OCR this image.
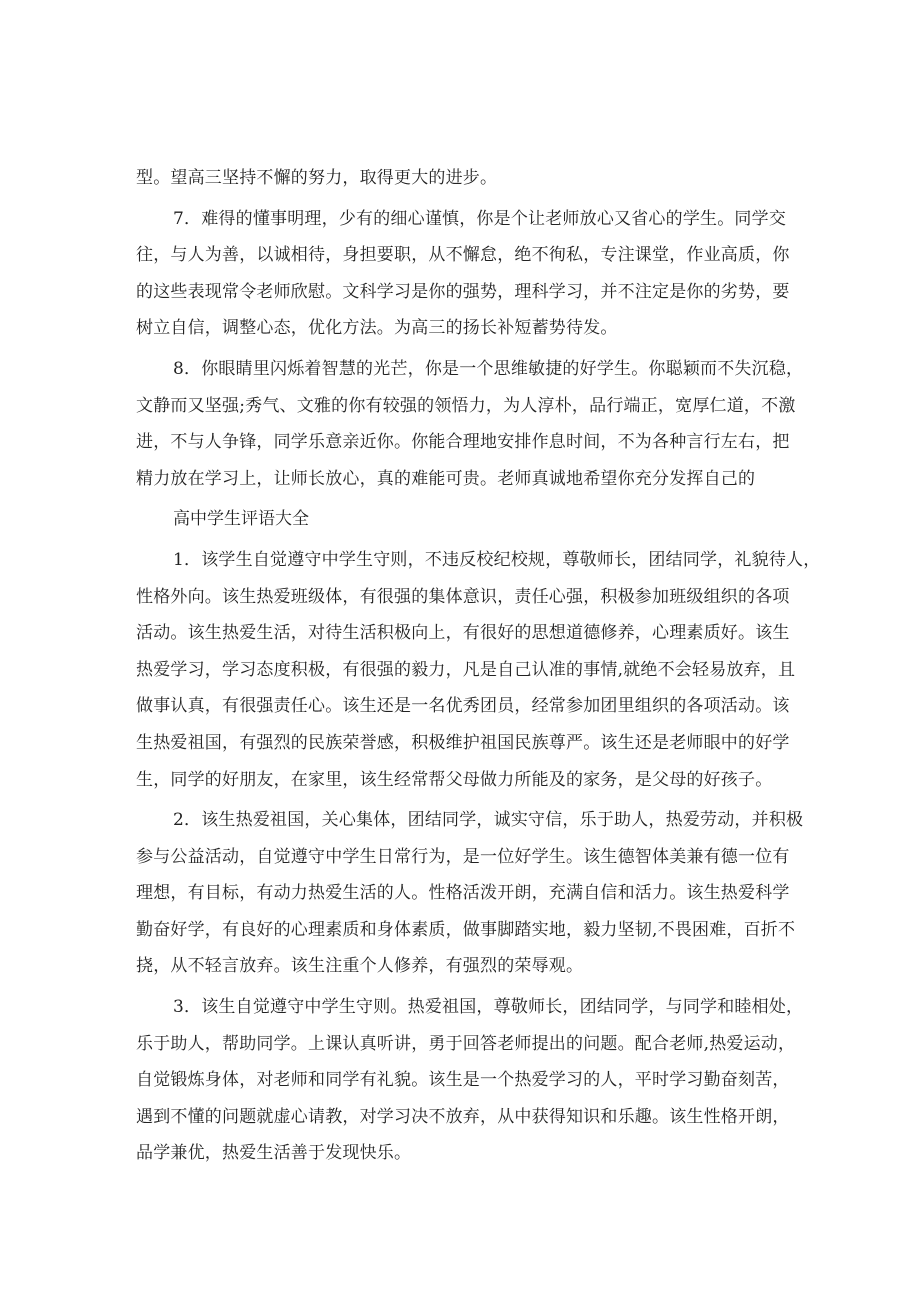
型。望高三坚持不懈的努力，取得更大的进步。

7．难得的懂事明理，少有的细心谨慎，你是个让老师放心又省心的学生。同学交
往，与人为善，以诚相待，身担要职，从不懈怠，绝不徇私，专注课堂，作业高质，你
的这些表现常令老师欣慰。文科学习是你的强势，理科学习，并不注定是你的劣势，要
树立自信，调整心态，优化方法。为高三的扬长补短蓄势待发。

8．你眼睛里闪烁着智慧的光芒，你是一个思维敏捷的好学生。你聪颖而不失沉稳，
文静而又坚强;秀气、文雅的你有较强的领悟力，为人淳朴，品行端正，宽厚仁道，不激
进，不与人争锋，同学乐意亲近你。你能合理地安排作息时间，不为各种言行左右，把
精力放在学习上，让师长放心，真的难能可贵。老师真诚地希望你充分发挥自己的

高中学生评语大全

1．该学生自觉遵守中学生守则，不违反校纪校规，尊敬师长，团结同学，礼貌待人，
性格外向。该生热爱班级体，有很强的集体意识，责任心强，积极参加班级组织的各项
活动。该生热爱生活，对待生活积极向上，有很好的思想道德修养，心理素质好。该生
热爱学习，学习态度积极，有很强的毅力，凡是自己认准的事情,就绝不会轻易放弃，且
做事认真，有很强责任心。该生还是一名优秀团员，经常参加团里组织的各项活动。该
生热爱祖国，有强烈的民族荣誉感，积极维护祖国民族尊严。该生还是老师眼中的好学
生，同学的好朋友，在家里，该生经常帮父母做力所能及的家务，是父母的好孩子。

2．该生热爱祖国，关心集体，团结同学，诚实守信，乐于助人，热爱劳动，并积极
参与公益活动，自觉遵守中学生日常行为，是一位好学生。该生德智体美兼有德一位有
理想，有目标，有动力热爱生活的人。性格活泼开朗，充满自信和活力。该生热爱科学
勤奋好学，有良好的心理素质和身体素质，做事脚踏实地，毅力坚韧,不畏困难，百折不
挠，从不轻言放弃。该生注重个人修养，有强烈的荣辱观。

3．该生自觉遵守中学生守则。热爱祖国，尊敬师长，团结同学，与同学和睦相处，
乐于助人，帮助同学。上课认真听讲，勇于回答老师提出的问题。配合老师,热爱运动，
自觉锻炼身体，对老师和同学有礼貌。该生是一个热爱学习的人，平时学习勤奋刻苦，
遇到不懂的问题就虚心请教，对学习决不放弃，从中获得知识和乐趣。该生性格开朗，
品学兼优，热爱生活善于发现快乐。
